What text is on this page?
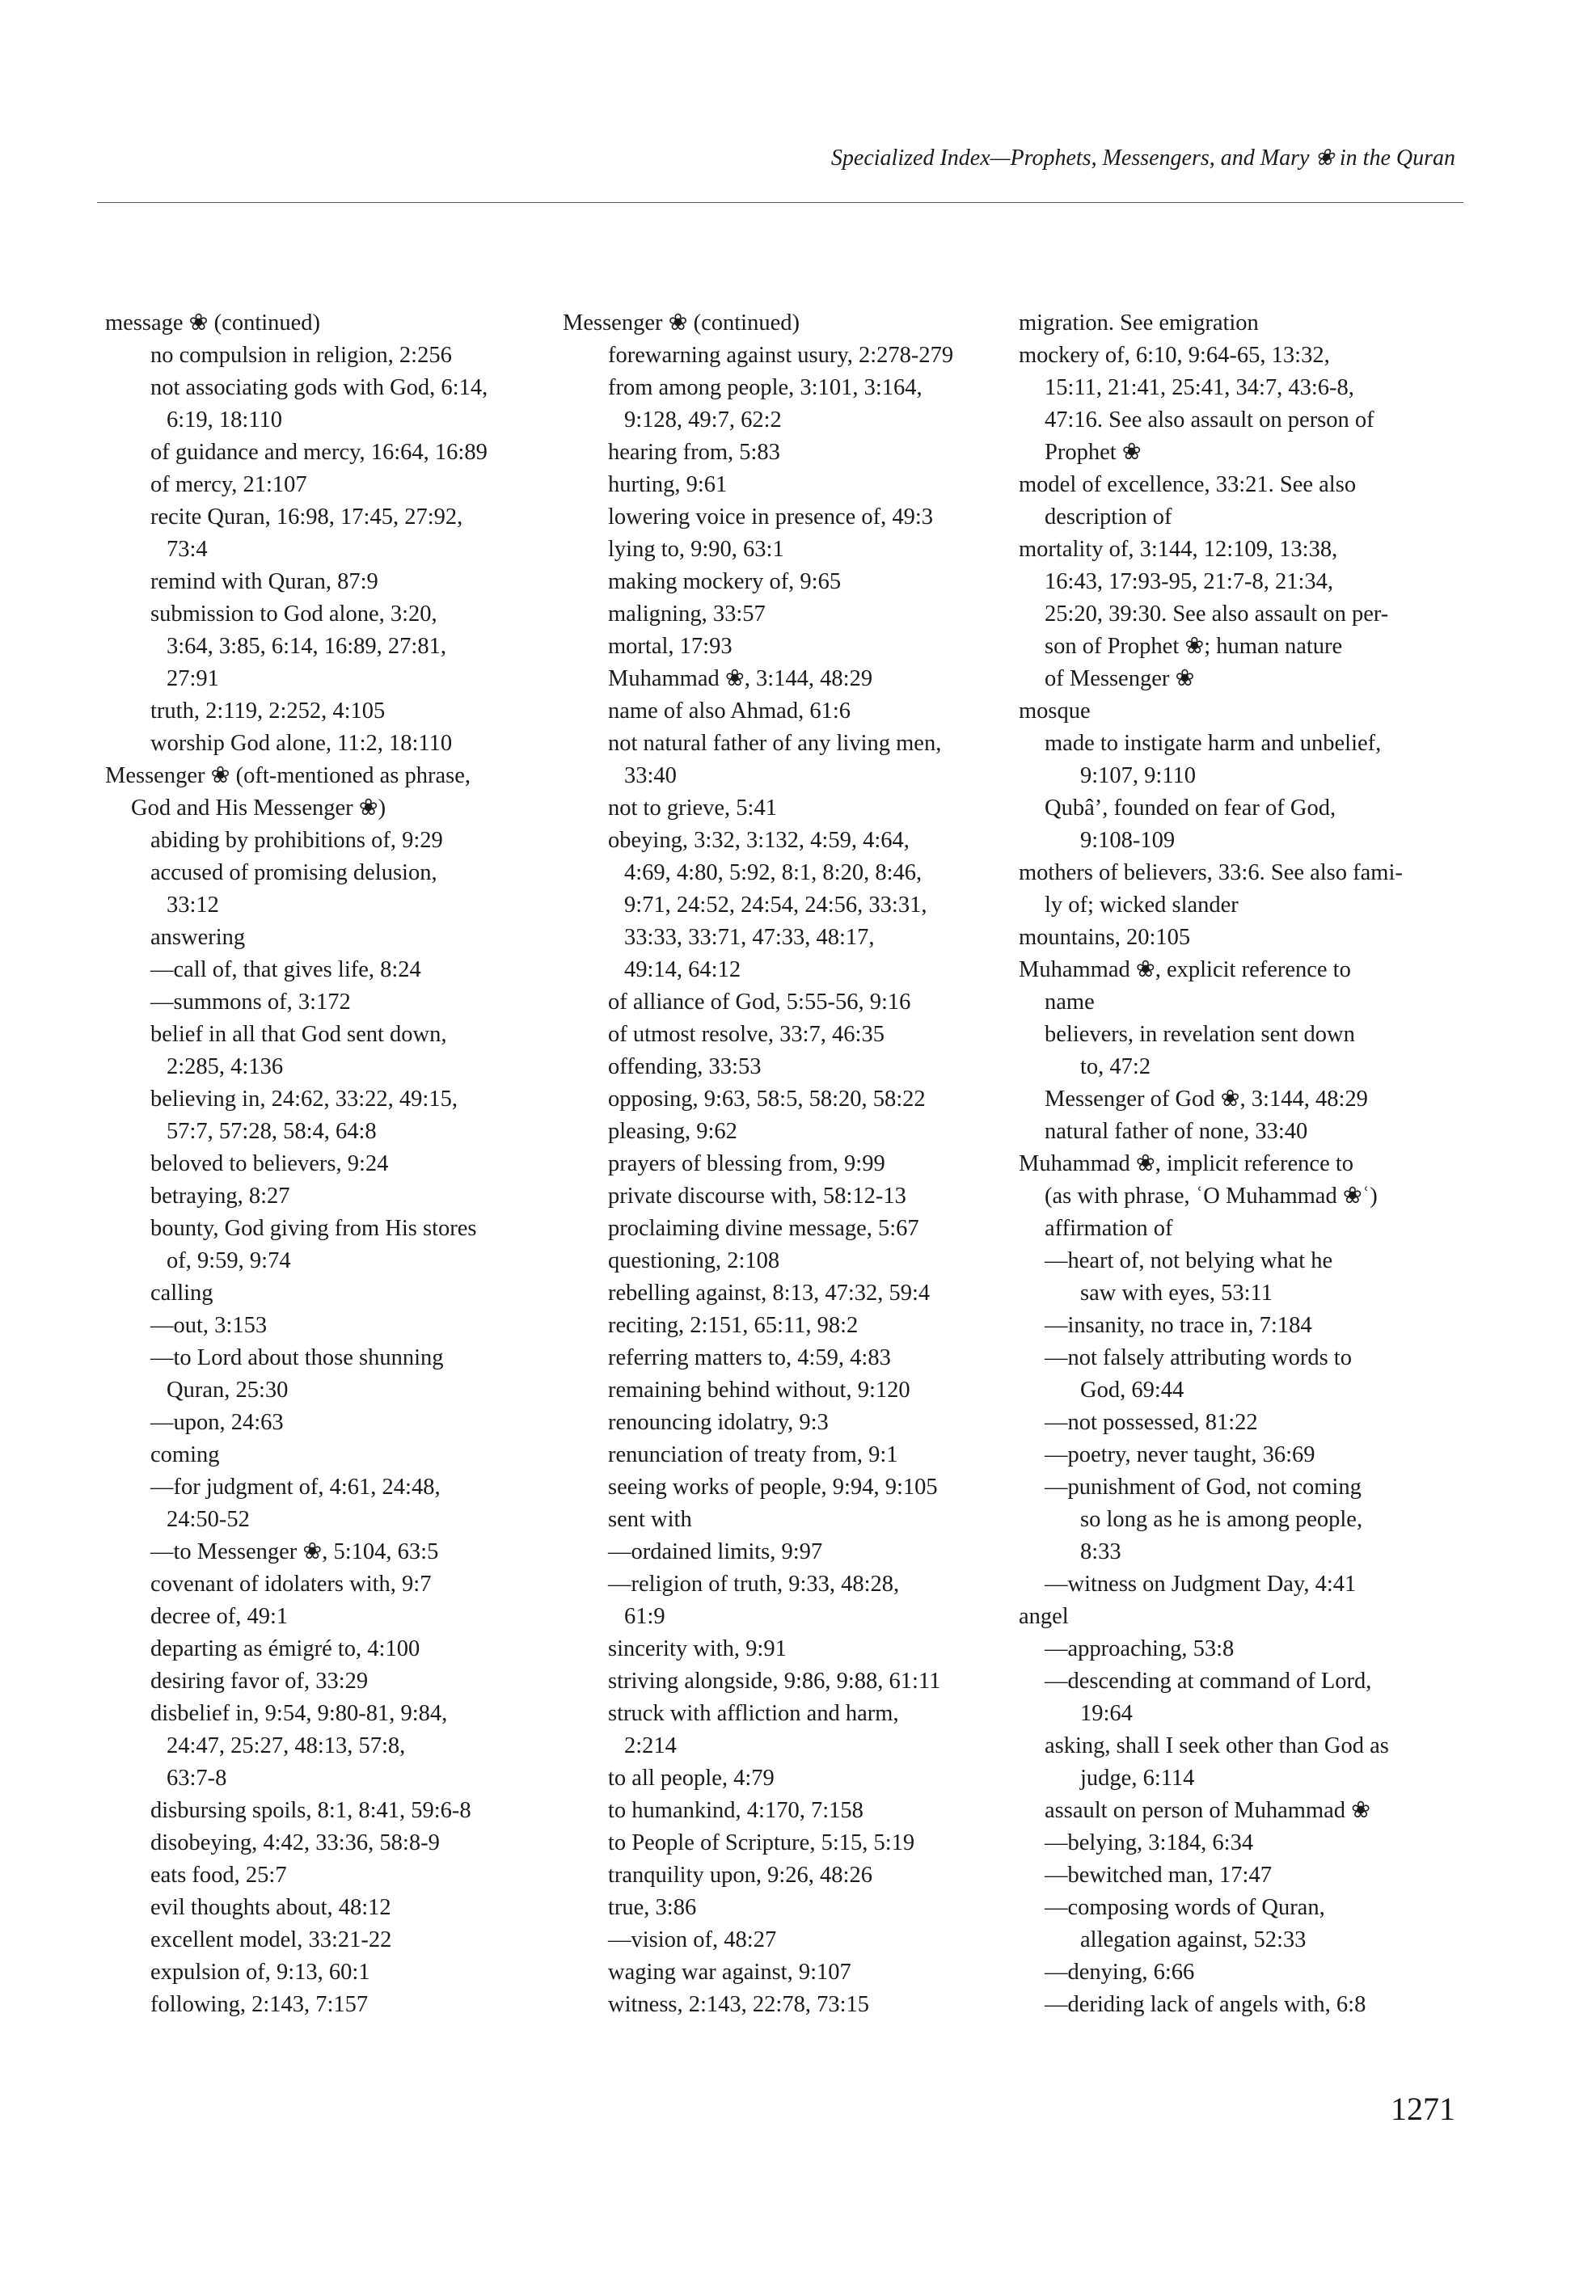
Specialized Index—Prophets, Messengers, and Mary ❀ in the Quran
message ❀ (continued)
no compulsion in religion, 2:256
not associating gods with God, 6:14,
6:19, 18:110
of guidance and mercy, 16:64, 16:89
of mercy, 21:107
recite Quran, 16:98, 17:45, 27:92,
73:4
remind with Quran, 87:9
submission to God alone, 3:20,
3:64, 3:85, 6:14, 16:89, 27:81,
27:91
truth, 2:119, 2:252, 4:105
worship God alone, 11:2, 18:110
Messenger ❀ (oft-mentioned as phrase,
God and His Messenger ❀)
abiding by prohibitions of, 9:29
accused of promising delusion,
33:12
answering
—call of, that gives life, 8:24
—summons of, 3:172
belief in all that God sent down,
2:285, 4:136
believing in, 24:62, 33:22, 49:15,
57:7, 57:28, 58:4, 64:8
beloved to believers, 9:24
betraying, 8:27
bounty, God giving from His stores
of, 9:59, 9:74
calling
—out, 3:153
—to Lord about those shunning
Quran, 25:30
—upon, 24:63
coming
—for judgment of, 4:61, 24:48,
24:50-52
—to Messenger ❀, 5:104, 63:5
covenant of idolaters with, 9:7
decree of, 49:1
departing as émigré to, 4:100
desiring favor of, 33:29
disbelief in, 9:54, 9:80-81, 9:84,
24:47, 25:27, 48:13, 57:8,
63:7-8
disbursing spoils, 8:1, 8:41, 59:6-8
disobeying, 4:42, 33:36, 58:8-9
eats food, 25:7
evil thoughts about, 48:12
excellent model, 33:21-22
expulsion of, 9:13, 60:1
following, 2:143, 7:157
Messenger ❀ (continued)
forewarning against usury, 2:278-279
from among people, 3:101, 3:164,
9:128, 49:7, 62:2
hearing from, 5:83
hurting, 9:61
lowering voice in presence of, 49:3
lying to, 9:90, 63:1
making mockery of, 9:65
maligning, 33:57
mortal, 17:93
Muhammad ❀, 3:144, 48:29
name of also Ahmad, 61:6
not natural father of any living men,
33:40
not to grieve, 5:41
obeying, 3:32, 3:132, 4:59, 4:64,
4:69, 4:80, 5:92, 8:1, 8:20, 8:46,
9:71, 24:52, 24:54, 24:56, 33:31,
33:33, 33:71, 47:33, 48:17,
49:14, 64:12
of alliance of God, 5:55-56, 9:16
of utmost resolve, 33:7, 46:35
offending, 33:53
opposing, 9:63, 58:5, 58:20, 58:22
pleasing, 9:62
prayers of blessing from, 9:99
private discourse with, 58:12-13
proclaiming divine message, 5:67
questioning, 2:108
rebelling against, 8:13, 47:32, 59:4
reciting, 2:151, 65:11, 98:2
referring matters to, 4:59, 4:83
remaining behind without, 9:120
renouncing idolatry, 9:3
renunciation of treaty from, 9:1
seeing works of people, 9:94, 9:105
sent with
—ordained limits, 9:97
—religion of truth, 9:33, 48:28,
61:9
sincerity with, 9:91
striving alongside, 9:86, 9:88, 61:11
struck with affliction and harm,
2:214
to all people, 4:79
to humankind, 4:170, 7:158
to People of Scripture, 5:15, 5:19
tranquility upon, 9:26, 48:26
true, 3:86
—vision of, 48:27
waging war against, 9:107
witness, 2:143, 22:78, 73:15
migration. See emigration
mockery of, 6:10, 9:64-65, 13:32,
15:11, 21:41, 25:41, 34:7, 43:6-8,
47:16. See also assault on person of
Prophet ❀
model of excellence, 33:21. See also
description of
mortality of, 3:144, 12:109, 13:38,
16:43, 17:93-95, 21:7-8, 21:34,
25:20, 39:30. See also assault on per-
son of Prophet ❀; human nature
of Messenger ❀
mosque
made to instigate harm and unbelief,
9:107, 9:110
Qubâ’, founded on fear of God,
9:108-109
mothers of believers, 33:6. See also fami-
ly of; wicked slander
mountains, 20:105
Muhammad ❀, explicit reference to
name
believers, in revelation sent down
to, 47:2
Messenger of God ❀, 3:144, 48:29
natural father of none, 33:40
Muhammad ❀, implicit reference to
(as with phrase, ʿO Muhammad ❀ʿ)
affirmation of
—heart of, not belying what he
saw with eyes, 53:11
—insanity, no trace in, 7:184
—not falsely attributing words to
God, 69:44
—not possessed, 81:22
—poetry, never taught, 36:69
—punishment of God, not coming
so long as he is among people,
8:33
—witness on Judgment Day, 4:41
angel
—approaching, 53:8
—descending at command of Lord,
19:64
asking, shall I seek other than God as
judge, 6:114
assault on person of Muhammad ❀
—belying, 3:184, 6:34
—bewitched man, 17:47
—composing words of Quran,
allegation against, 52:33
—denying, 6:66
—deriding lack of angels with, 6:8
1271
